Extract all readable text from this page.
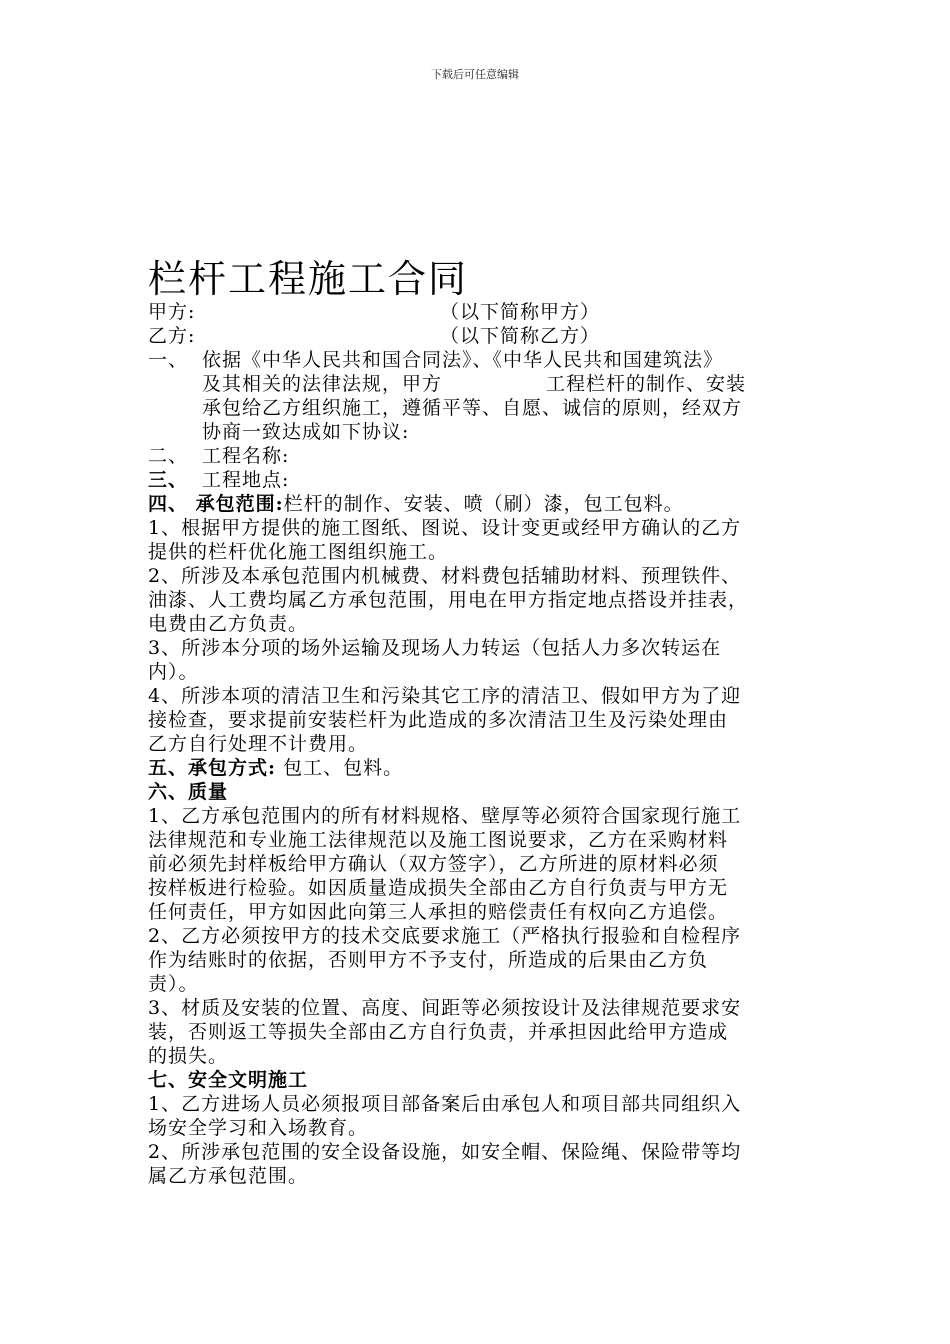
下载后可任意编辑
栏杆工程施工合同
甲方:	（以下简称甲方）
乙方:	（以下简称乙方）
一、 依据《中华人民共和国合同法》、《中华人民共和国建筑法》
及其相关的法律法规，甲方	工程栏杆的制作、安装
承包给乙方组织施工，遵循平等、自愿、诚信的原则，经双方
协商一致达成如下协议:
二、 工程名称:
三、 工程地点:
四、 承包范围:栏杆的制作、安装、喷（刷）漆，包工包料。
1、根据甲方提供的施工图纸、图说、设计变更或经甲方确认的乙方
提供的栏杆优化施工图组织施工。
2、所涉及本承包范围内机械费、材料费包括辅助材料、预理铁件、
油漆、人工费均属乙方承包范围，用电在甲方指定地点搭设并挂表，
电费由乙方负责。
3、所涉本分项的场外运输及现场人力转运（包括人力多次转运在
内）。
4、所涉本项的清洁卫生和污染其它工序的清洁卫、假如甲方为了迎
接检查，要求提前安装栏杆为此造成的多次清洁卫生及污染处理由
乙方自行处理不计费用。
五、承包方式: 包工、包料。
六、质量
1、乙方承包范围内的所有材料规格、壁厚等必须符合国家现行施工
法律规范和专业施工法律规范以及施工图说要求，乙方在采购材料
前必须先封样板给甲方确认（双方签字），乙方所进的原材料必须
按样板进行检验。如因质量造成损失全部由乙方自行负责与甲方无
任何责任，甲方如因此向第三人承担的赔偿责任有权向乙方追偿。
2、乙方必须按甲方的技术交底要求施工（严格执行报验和自检程序
作为结账时的依据，否则甲方不予支付，所造成的后果由乙方负
责）。
3、材质及安装的位置、高度、间距等必须按设计及法律规范要求安
装，否则返工等损失全部由乙方自行负责，并承担因此给甲方造成
的损失。
七、安全文明施工
1、乙方进场人员必须报项目部备案后由承包人和项目部共同组织入
场安全学习和入场教育。
2、所涉承包范围的安全设备设施，如安全帽、保险绳、保险带等均
属乙方承包范围。
